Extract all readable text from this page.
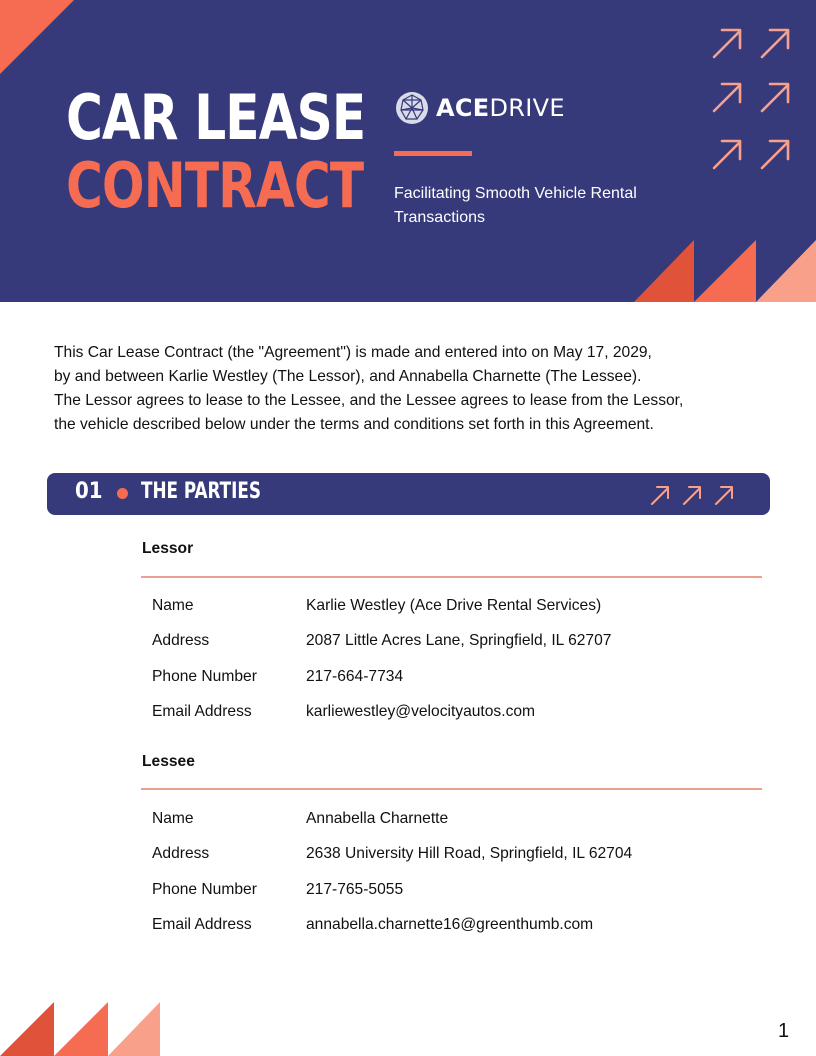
CAR LEASE
CONTRACT
ACEDRIVE
Facilitating Smooth Vehicle Rental Transactions

This Car Lease Contract (the "Agreement") is made and entered into on May 17, 2029,

by and between Karlie Westley (The Lessor), and Annabella Charnette (The Lessee).

The Lessor agrees to lease to the Lessee, and the Lessee agrees to lease from the Lessor,

the vehicle described below under the terms and conditions set forth in this Agreement.

01 THE PARTIES
Lessor
Name	Karlie Westley (Ace Drive Rental Services)
Address	2087 Little Acres Lane, Springfield, IL 62707
Phone Number	217-664-7734
Email Address	karliewestley@velocityautos.com
Lessee
Name	Annabella Charnette
Address	2638 University Hill Road, Springfield, IL 62704
Phone Number	217-765-5055
Email Address	annabella.charnette16@greenthumb.com
1
